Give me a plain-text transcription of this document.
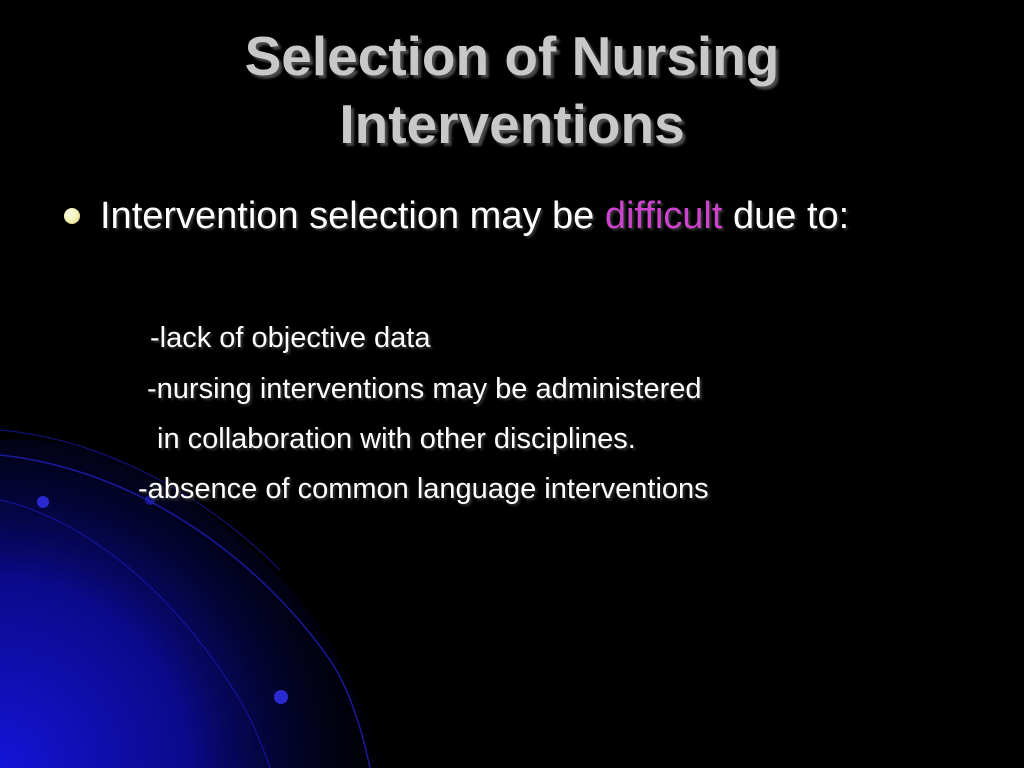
Selection of Nursing
Interventions
Intervention selection may be difficult due to:
-lack of objective data
-nursing interventions may be administered
in collaboration with other disciplines.
-absence of common language interventions
